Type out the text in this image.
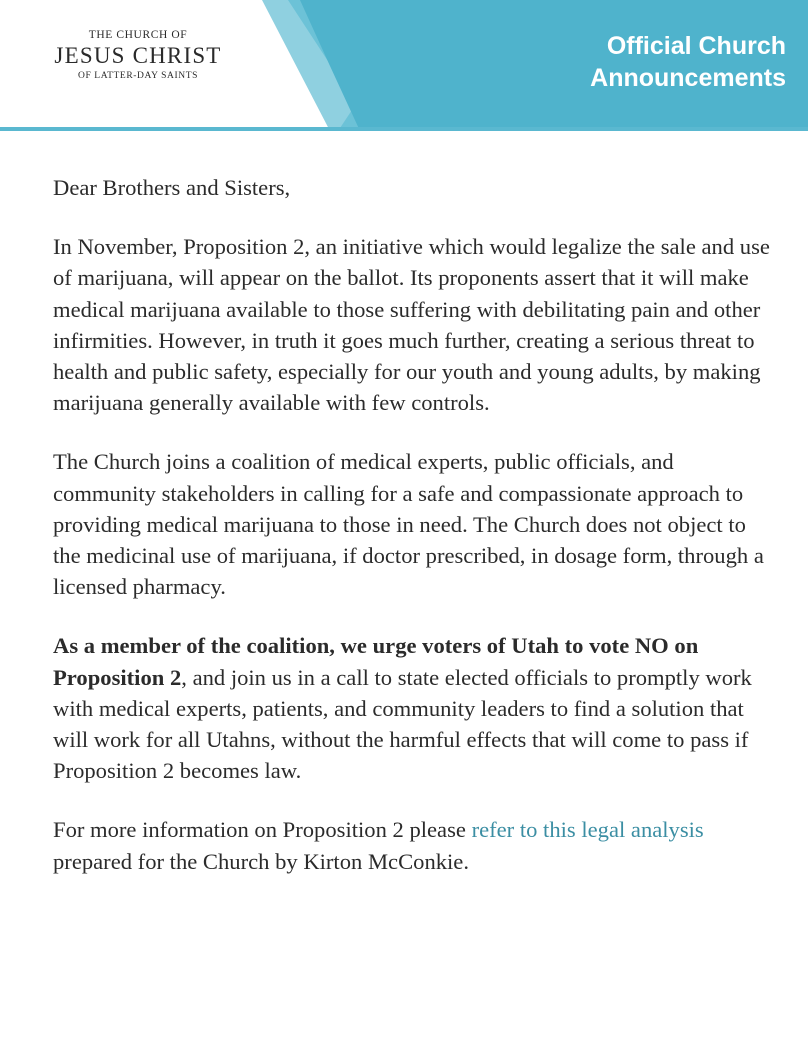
THE CHURCH OF
JESUS CHRIST
OF LATTER-DAY SAINTS
Official Church
Announcements

Dear Brothers and Sisters,

In November, Proposition 2, an initiative which would legalize the sale and use of marijuana, will appear on the ballot. Its proponents assert that it will make medical marijuana available to those suffering with debilitating pain and other infirmities. However, in truth it goes much further, creating a serious threat to health and public safety, especially for our youth and young adults, by making marijuana generally available with few controls.

The Church joins a coalition of medical experts, public officials, and community stakeholders in calling for a safe and compassionate approach to providing medical marijuana to those in need. The Church does not object to the medicinal use of marijuana, if doctor prescribed, in dosage form, through a licensed pharmacy.

As a member of the coalition, we urge voters of Utah to vote NO on Proposition 2, and join us in a call to state elected officials to promptly work with medical experts, patients, and community leaders to find a solution that will work for all Utahns, without the harmful effects that will come to pass if Proposition 2 becomes law.

For more information on Proposition 2 please refer to this legal analysis prepared for the Church by Kirton McConkie.
